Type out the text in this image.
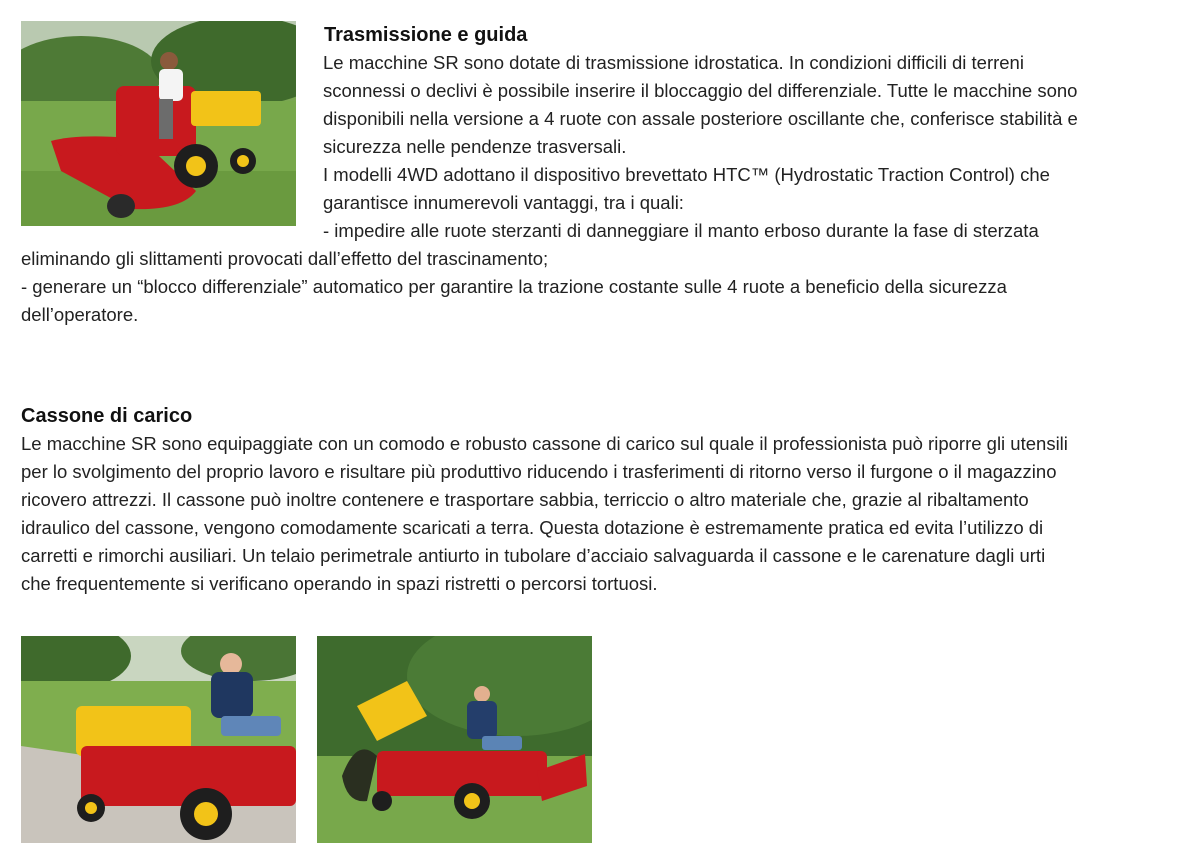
Trasmissione e guida

Le macchine SR sono dotate di trasmissione idrostatica. In condizioni difficili di terreni
sconnessi o declivi è possibile inserire il bloccaggio del differenziale. Tutte le macchine sono
disponibili nella versione a 4 ruote con assale posteriore oscillante che, conferisce stabilità e
sicurezza nelle pendenze trasversali.
I modelli 4WD adottano il dispositivo brevettato HTC™ (Hydrostatic Traction Control) che
garantisce innumerevoli vantaggi, tra i quali:
- impedire alle ruote sterzanti di danneggiare il manto erboso durante la fase di sterzata

eliminando gli slittamenti provocati dall’effetto del trascinamento;
- generare un “blocco differenziale” automatico per garantire la trazione costante sulle 4 ruote a beneficio della sicurezza
dell’operatore.

Cassone di carico

Le macchine SR sono equipaggiate con un comodo e robusto cassone di carico sul quale il professionista può riporre gli utensili
per lo svolgimento del proprio lavoro e risultare più produttivo riducendo i trasferimenti di ritorno verso il furgone o il magazzino
ricovero attrezzi. Il cassone può inoltre contenere e trasportare sabbia, terriccio o altro materiale che, grazie al ribaltamento
idraulico del cassone, vengono comodamente scaricati a terra. Questa dotazione è estremamente pratica ed evita l’utilizzo di
carretti e rimorchi ausiliari. Un telaio perimetrale antiurto in tubolare d’acciaio salvaguarda il cassone e le carenature dagli urti
che frequentemente si verificano operando in spazi ristretti o percorsi tortuosi.
